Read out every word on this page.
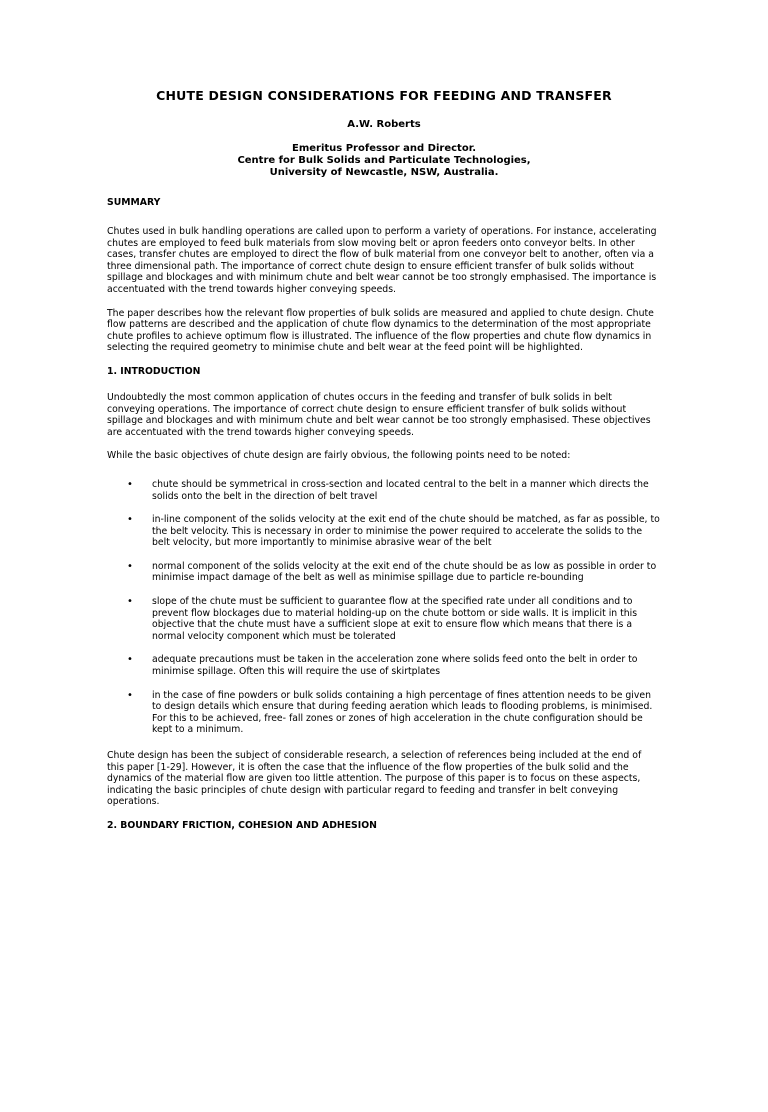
CHUTE DESIGN CONSIDERATIONS FOR FEEDING AND TRANSFER
A.W. Roberts
Emeritus Professor and Director.
Centre for Bulk Solids and Particulate Technologies,
University of Newcastle, NSW, Australia.
SUMMARY

Chutes used in bulk handling operations are called upon to perform a variety of operations. For instance, accelerating chutes are employed to feed bulk materials from slow moving belt or apron feeders onto conveyor belts. In other cases, transfer chutes are employed to direct the flow of bulk material from one conveyor belt to another, often via a three dimensional path. The importance of correct chute design to ensure efficient transfer of bulk solids without spillage and blockages and with minimum chute and belt wear cannot be too strongly emphasised. The importance is accentuated with the trend towards higher conveying speeds.

The paper describes how the relevant flow properties of bulk solids are measured and applied to chute design. Chute flow patterns are described and the application of chute flow dynamics to the determination of the most appropriate chute profiles to achieve optimum flow is illustrated. The influence of the flow properties and chute flow dynamics in selecting the required geometry to minimise chute and belt wear at the feed point will be highlighted.

1. INTRODUCTION

Undoubtedly the most common application of chutes occurs in the feeding and transfer of bulk solids in belt conveying operations. The importance of correct chute design to ensure efficient transfer of bulk solids without spillage and blockages and with minimum chute and belt wear cannot be too strongly emphasised. These objectives are accentuated with the trend towards higher conveying speeds.

While the basic objectives of chute design are fairly obvious, the following points need to be noted:

• chute should be symmetrical in cross-section and located central to the belt in a manner which directs the solids onto the belt in the direction of belt travel
• in-line component of the solids velocity at the exit end of the chute should be matched, as far as possible, to the belt velocity. This is necessary in order to minimise the power required to accelerate the solids to the belt velocity, but more importantly to minimise abrasive wear of the belt
• normal component of the solids velocity at the exit end of the chute should be as low as possible in order to minimise impact damage of the belt as well as minimise spillage due to particle re-bounding
• slope of the chute must be sufficient to guarantee flow at the specified rate under all conditions and to prevent flow blockages due to material holding-up on the chute bottom or side walls. It is implicit in this objective that the chute must have a sufficient slope at exit to ensure flow which means that there is a normal velocity component which must be tolerated
• adequate precautions must be taken in the acceleration zone where solids feed onto the belt in order to minimise spillage. Often this will require the use of skirtplates
• in the case of fine powders or bulk solids containing a high percentage of fines attention needs to be given to design details which ensure that during feeding aeration which leads to flooding problems, is minimised. For this to be achieved, free- fall zones or zones of high acceleration in the chute configuration should be kept to a minimum.

Chute design has been the subject of considerable research, a selection of references being included at the end of this paper [1-29]. However, it is often the case that the influence of the flow properties of the bulk solid and the dynamics of the material flow are given too little attention. The purpose of this paper is to focus on these aspects, indicating the basic principles of chute design with particular regard to feeding and transfer in belt conveying operations.

2. BOUNDARY FRICTION, COHESION AND ADHESION
